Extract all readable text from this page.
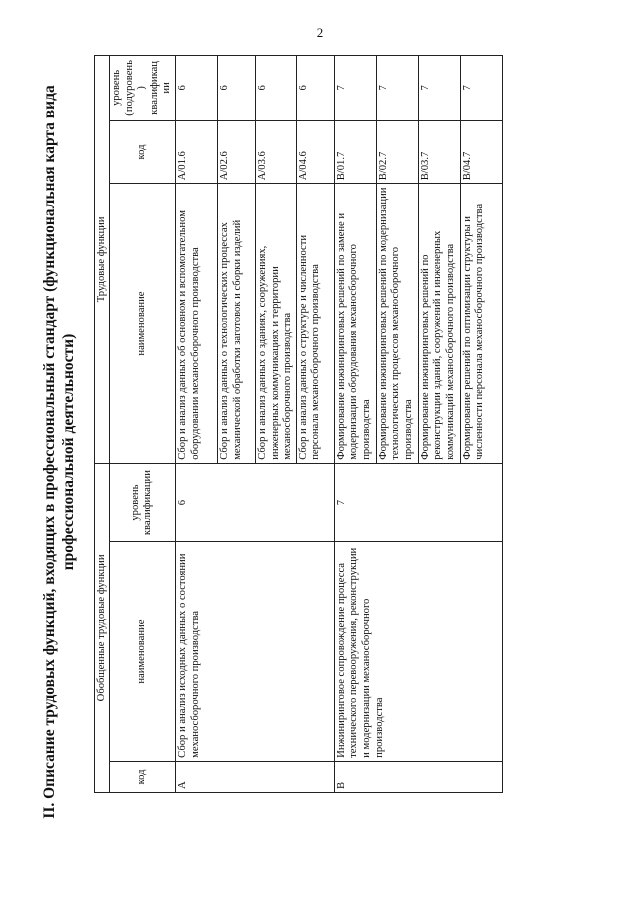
2
II. Описание трудовых функций, входящих в профессиональный стандарт (функциональная карта вида профессиональной деятельности)
Обобщенные трудовые функции			Трудовые функции		
код	наименование	уровень квалификации	наименование	код	уровень (подуровень) квалификации
A	Сбор и анализ исходных данных о состоянии механосборочного производства	6	Сбор и анализ данных об основном и вспомогательном оборудовании механосборочного производства	A/01.6	6
			Сбор и анализ данных о технологических процессах механической обработки заготовок и сборки изделий	A/02.6	6
			Сбор и анализ данных о зданиях, сооружениях, инженерных коммуникациях и территории механосборочного производства	A/03.6	6
			Сбор и анализ данных о структуре и численности персонала механосборочного производства	A/04.6	6
B	Инжиниринговое сопровождение процесса технического перевооружения, реконструкции и модернизации механосборочного производства	7	Формирование инжиниринговых решений по замене и модернизации оборудования механосборочного производства	B/01.7	7
			Формирование инжиниринговых решений по модернизации технологических процессов механосборочного производства	B/02.7	7
			Формирование инжиниринговых решений по реконструкции зданий, сооружений и инженерных коммуникаций механосборочного производства	B/03.7	7
			Формирование решений по оптимизации структуры и численности персонала механосборочного производства	B/04.7	7
